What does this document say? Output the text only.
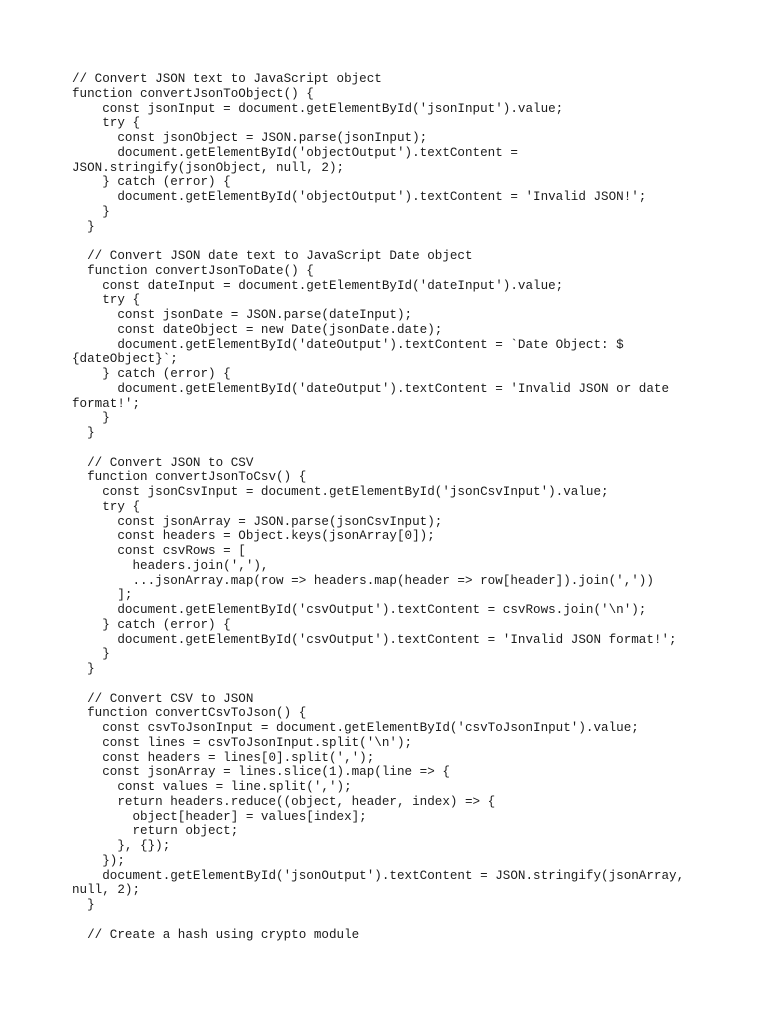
// Convert JSON text to JavaScript object
function convertJsonToObject() {
const jsonInput = document.getElementById('jsonInput').value;
try {
const jsonObject = JSON.parse(jsonInput);
document.getElementById('objectOutput').textContent =
JSON.stringify(jsonObject, null, 2);
} catch (error) {
document.getElementById('objectOutput').textContent = 'Invalid JSON!';
}
}
// Convert JSON date text to JavaScript Date object
function convertJsonToDate() {
const dateInput = document.getElementById('dateInput').value;
try {
const jsonDate = JSON.parse(dateInput);
const dateObject = new Date(jsonDate.date);
document.getElementById('dateOutput').textContent = `Date Object: $
{dateObject}`;
} catch (error) {
document.getElementById('dateOutput').textContent = 'Invalid JSON or date
format!';
}
}
// Convert JSON to CSV
function convertJsonToCsv() {
const jsonCsvInput = document.getElementById('jsonCsvInput').value;
try {
const jsonArray = JSON.parse(jsonCsvInput);
const headers = Object.keys(jsonArray[0]);
const csvRows = [
headers.join(','),
...jsonArray.map(row => headers.map(header => row[header]).join(','))
];
document.getElementById('csvOutput').textContent = csvRows.join('\n');
} catch (error) {
document.getElementById('csvOutput').textContent = 'Invalid JSON format!';
}
}
// Convert CSV to JSON
function convertCsvToJson() {
const csvToJsonInput = document.getElementById('csvToJsonInput').value;
const lines = csvToJsonInput.split('\n');
const headers = lines[0].split(',');
const jsonArray = lines.slice(1).map(line => {
const values = line.split(',');
return headers.reduce((object, header, index) => {
object[header] = values[index];
return object;
}, {});
});
document.getElementById('jsonOutput').textContent = JSON.stringify(jsonArray,
null, 2);
}
// Create a hash using crypto module
